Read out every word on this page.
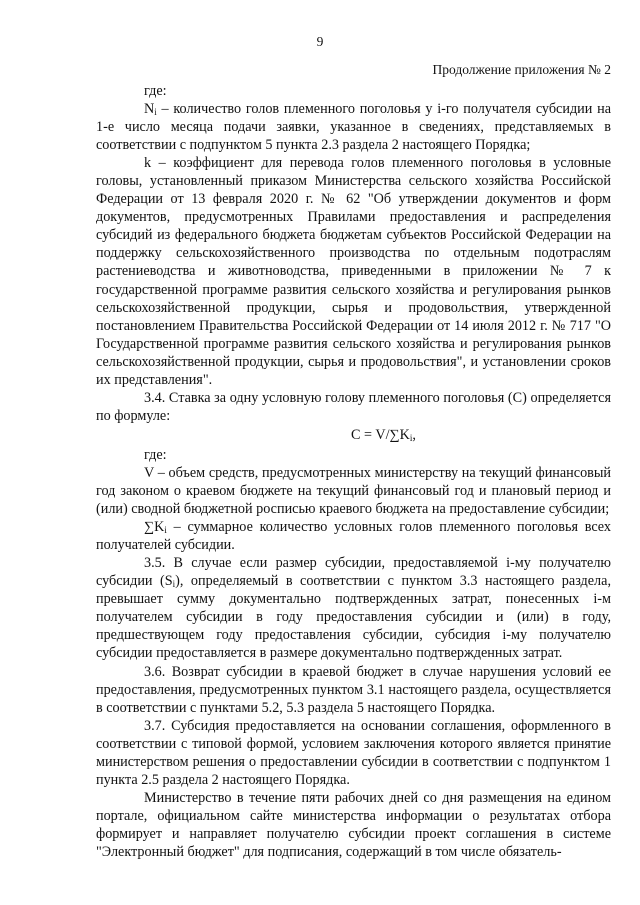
9
Продолжение приложения № 2

где:

$N_i$ – количество голов племенного поголовья у i-го получателя субсидии на 1-е число месяца подачи заявки, указанное в сведениях, представляемых в соответствии с подпунктом 5 пункта 2.3 раздела 2 настоящего Порядка;

k – коэффициент для перевода голов племенного поголовья в условные головы, установленный приказом Министерства сельского хозяйства Российской Федерации от 13 февраля 2020 г. № 62 "Об утверждении документов и форм документов, предусмотренных Правилами предоставления и распределения субсидий из федерального бюджета бюджетам субъектов Российской Федерации на поддержку сельскохозяйственного производства по отдельным подотраслям растениеводства и животноводства, приведенными в приложении № 7 к государственной программе развития сельского хозяйства и регулирования рынков сельскохозяйственной продукции, сырья и продовольствия, утвержденной постановлением Правительства Российской Федерации от 14 июля 2012 г. № 717 "О Государственной программе развития сельского хозяйства и регулирования рынков сельскохозяйственной продукции, сырья и продовольствия", и установлении сроков их представления".

3.4. Ставка за одну условную голову племенного поголовья (С) определяется по формуле:

$C = V/\sum K_i$,

где:

V – объем средств, предусмотренных министерству на текущий финансовый год законом о краевом бюджете на текущий финансовый год и плановый период и (или) сводной бюджетной росписью краевого бюджета на предоставление субсидии;

$\sum K_i$ – суммарное количество условных голов племенного поголовья всех получателей субсидии.

3.5. В случае если размер субсидии, предоставляемой i-му получателю субсидии $(S_i)$, определяемый в соответствии с пунктом 3.3 настоящего раздела, превышает сумму документально подтвержденных затрат, понесенных i-м получателем субсидии в году предоставления субсидии и (или) в году, предшествующем году предоставления субсидии, субсидия i-му получателю субсидии предоставляется в размере документально подтвержденных затрат.

3.6. Возврат субсидии в краевой бюджет в случае нарушения условий ее предоставления, предусмотренных пунктом 3.1 настоящего раздела, осуществляется в соответствии с пунктами 5.2, 5.3 раздела 5 настоящего Порядка.

3.7. Субсидия предоставляется на основании соглашения, оформленного в соответствии с типовой формой, условием заключения которого является принятие министерством решения о предоставлении субсидии в соответствии с подпунктом 1 пункта 2.5 раздела 2 настоящего Порядка.

Министерство в течение пяти рабочих дней со дня размещения на едином портале, официальном сайте министерства информации о результатах отбора формирует и направляет получателю субсидии проект соглашения в системе "Электронный бюджет" для подписания, содержащий в том числе обязатель-
